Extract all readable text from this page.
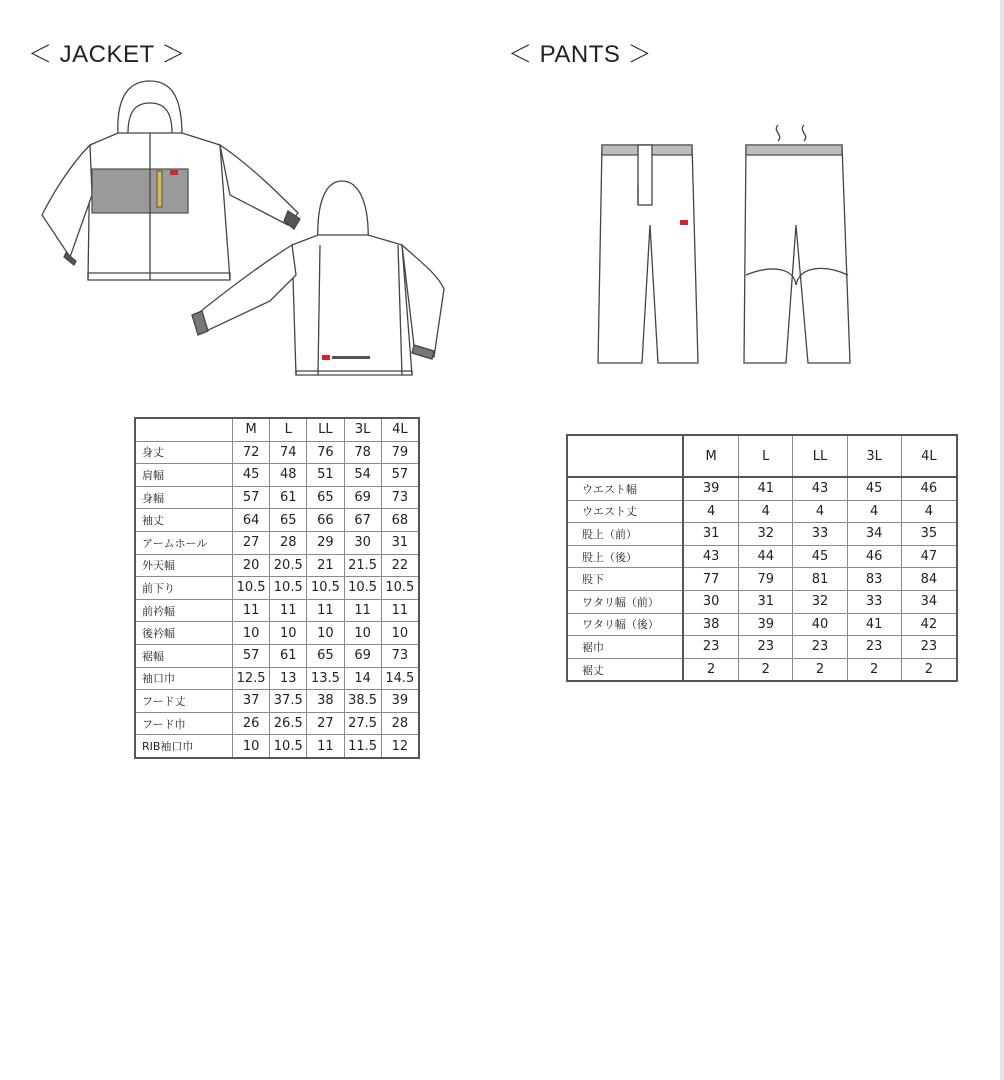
＜ JACKET ＞	＜ PANTS ＞
	M	L	LL	3L	4L
身丈	72	74	76	78	79
肩幅	45	48	51	54	57
身幅	57	61	65	69	73
袖丈	64	65	66	67	68
アームホール	27	28	29	30	31
外天幅	20	20.5	21	21.5	22
前下り	10.5	10.5	10.5	10.5	10.5
前衿幅	11	11	11	11	11
後衿幅	10	10	10	10	10
裾幅	57	61	65	69	73
袖口巾	12.5	13	13.5	14	14.5
フード丈	37	37.5	38	38.5	39
フード巾	26	26.5	27	27.5	28
RIB袖口巾	10	10.5	11	11.5	12
	M	L	LL	3L	4L
ウエスト幅	39	41	43	45	46
ウエスト丈	4	4	4	4	4
股上（前）	31	32	33	34	35
股上（後）	43	44	45	46	47
股下	77	79	81	83	84
ワタリ幅（前）	30	31	32	33	34
ワタリ幅（後）	38	39	40	41	42
裾巾	23	23	23	23	23
裾丈	2	2	2	2	2
